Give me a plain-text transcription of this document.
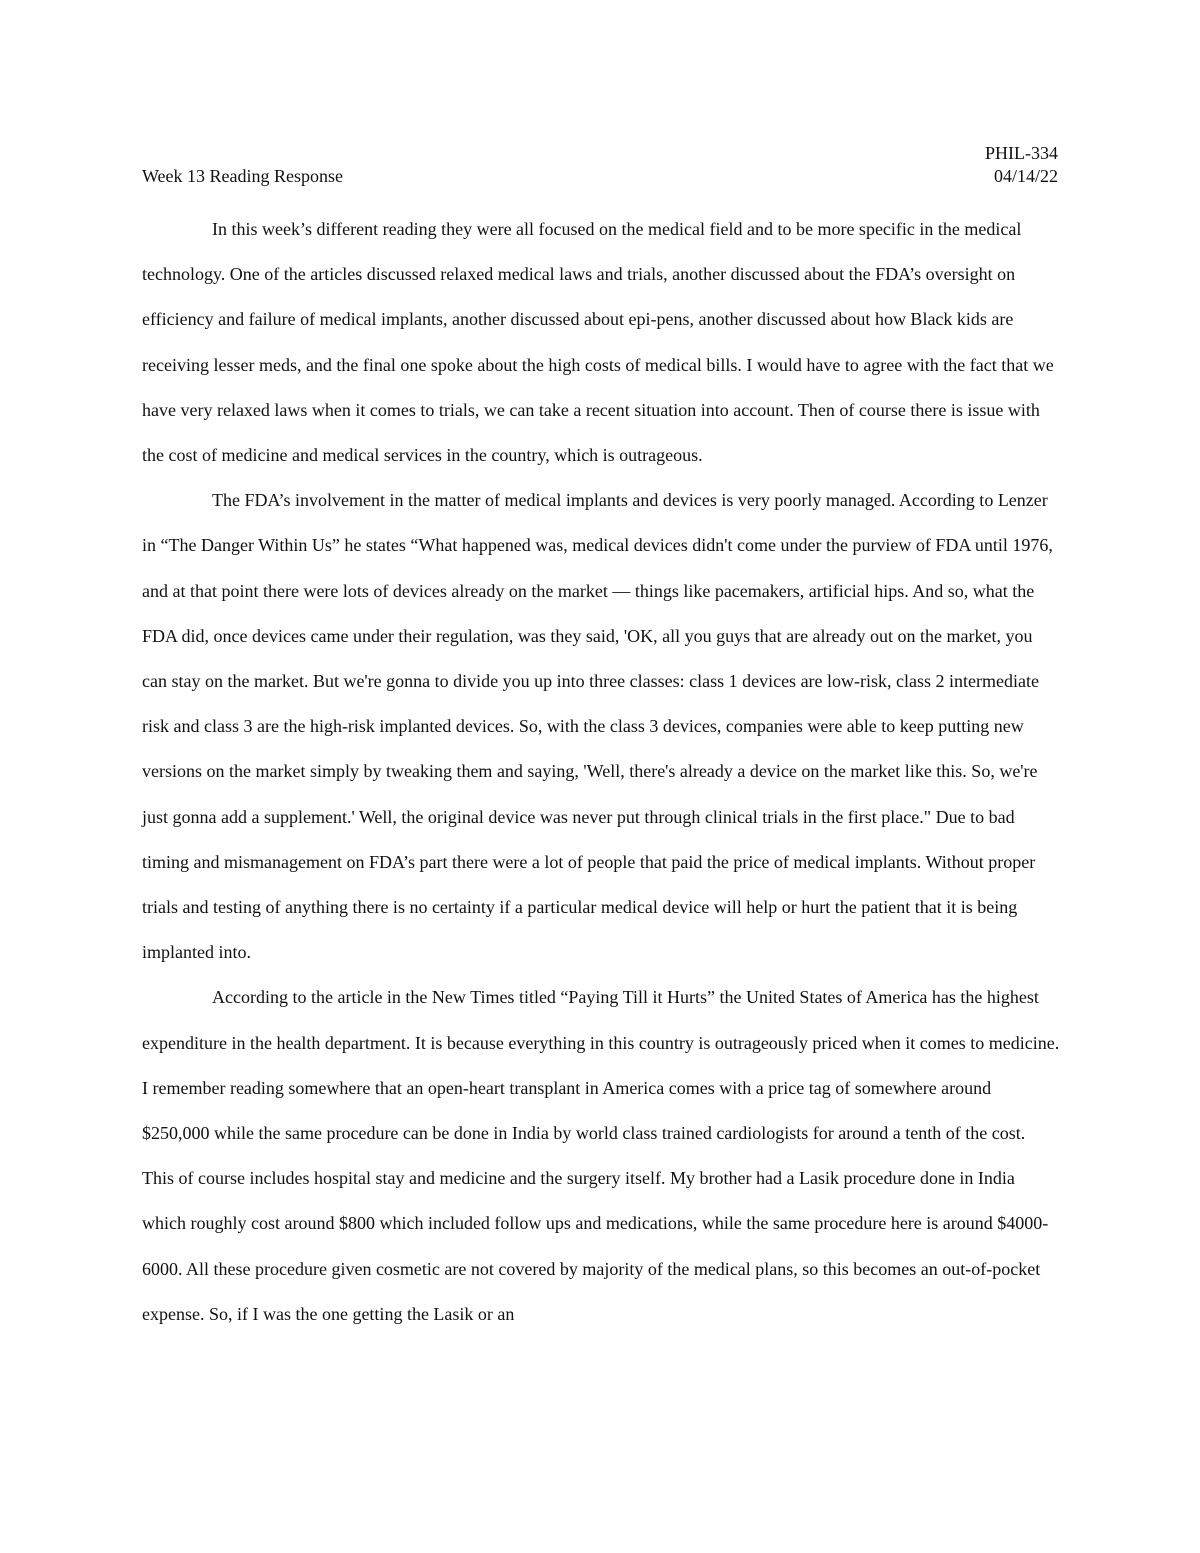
PHIL-334
Week 13 Reading Response	04/14/22

In this week’s different reading they were all focused on the medical field and to be more specific in the medical technology. One of the articles discussed relaxed medical laws and trials, another discussed about the FDA’s oversight on efficiency and failure of medical implants, another discussed about epi-pens, another discussed about how Black kids are receiving lesser meds, and the final one spoke about the high costs of medical bills. I would have to agree with the fact that we have very relaxed laws when it comes to trials, we can take a recent situation into account. Then of course there is issue with the cost of medicine and medical services in the country, which is outrageous.

The FDA’s involvement in the matter of medical implants and devices is very poorly managed. According to Lenzer in “The Danger Within Us” he states “What happened was, medical devices didn't come under the purview of FDA until 1976, and at that point there were lots of devices already on the market — things like pacemakers, artificial hips. And so, what the FDA did, once devices came under their regulation, was they said, 'OK, all you guys that are already out on the market, you can stay on the market. But we're gonna to divide you up into three classes: class 1 devices are low-risk, class 2 intermediate risk and class 3 are the high-risk implanted devices. So, with the class 3 devices, companies were able to keep putting new versions on the market simply by tweaking them and saying, 'Well, there's already a device on the market like this. So, we're just gonna add a supplement.' Well, the original device was never put through clinical trials in the first place." Due to bad timing and mismanagement on FDA’s part there were a lot of people that paid the price of medical implants. Without proper trials and testing of anything there is no certainty if a particular medical device will help or hurt the patient that it is being implanted into.

According to the article in the New Times titled “Paying Till it Hurts” the United States of America has the highest expenditure in the health department. It is because everything in this country is outrageously priced when it comes to medicine. I remember reading somewhere that an open-heart transplant in America comes with a price tag of somewhere around $250,000 while the same procedure can be done in India by world class trained cardiologists for around a tenth of the cost. This of course includes hospital stay and medicine and the surgery itself. My brother had a Lasik procedure done in India which roughly cost around $800 which included follow ups and medications, while the same procedure here is around $4000-6000. All these procedure given cosmetic are not covered by majority of the medical plans, so this becomes an out-of-pocket expense. So, if I was the one getting the Lasik or an
